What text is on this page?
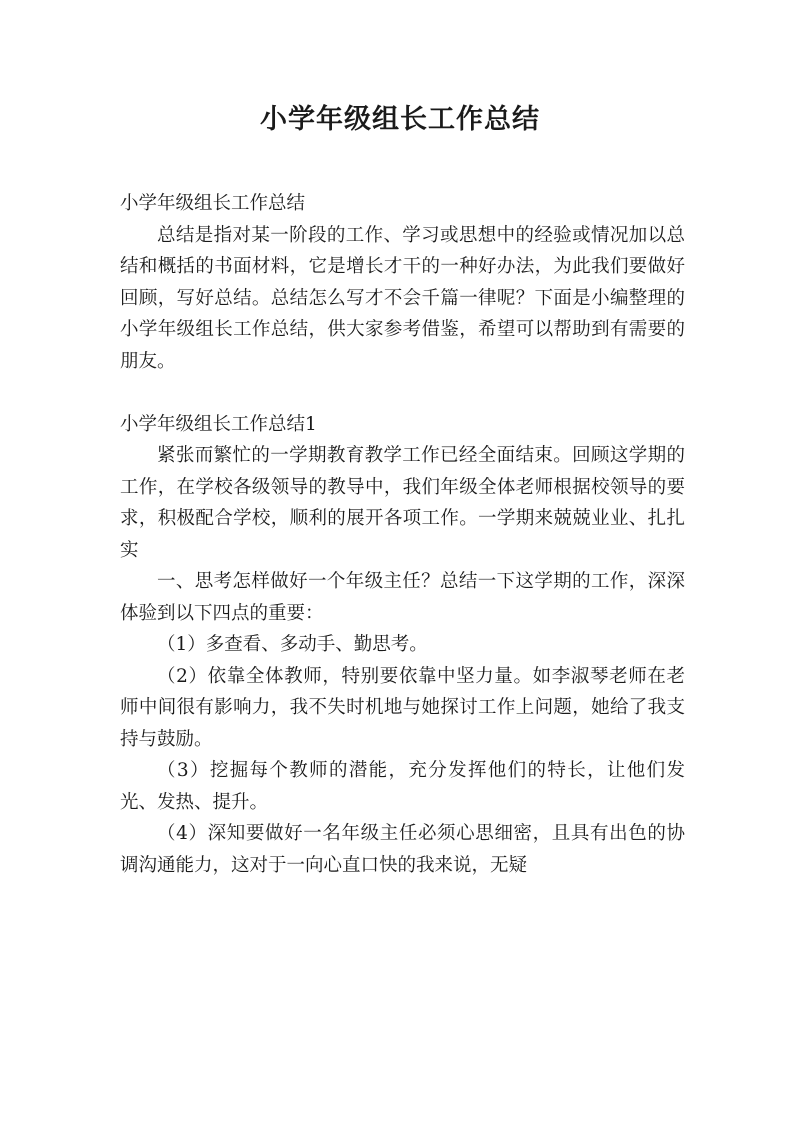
小学年级组长工作总结

小学年级组长工作总结

总结是指对某一阶段的工作、学习或思想中的经验或情况加以总结和概括的书面材料，它是增长才干的一种好办法，为此我们要做好回顾，写好总结。总结怎么写才不会千篇一律呢？下面是小编整理的小学年级组长工作总结，供大家参考借鉴，希望可以帮助到有需要的朋友。

小学年级组长工作总结1

紧张而繁忙的一学期教育教学工作已经全面结束。回顾这学期的工作，在学校各级领导的教导中，我们年级全体老师根据校领导的要求，积极配合学校，顺利的展开各项工作。一学期来兢兢业业、扎扎实

一、思考怎样做好一个年级主任？总结一下这学期的工作，深深体验到以下四点的重要：

（1）多查看、多动手、勤思考。

（2）依靠全体教师，特别要依靠中坚力量。如李淑琴老师在老师中间很有影响力，我不失时机地与她探讨工作上问题，她给了我支持与鼓励。

（3）挖掘每个教师的潜能，充分发挥他们的特长，让他们发光、发热、提升。

（4）深知要做好一名年级主任必须心思细密，且具有出色的协调沟通能力，这对于一向心直口快的我来说，无疑
